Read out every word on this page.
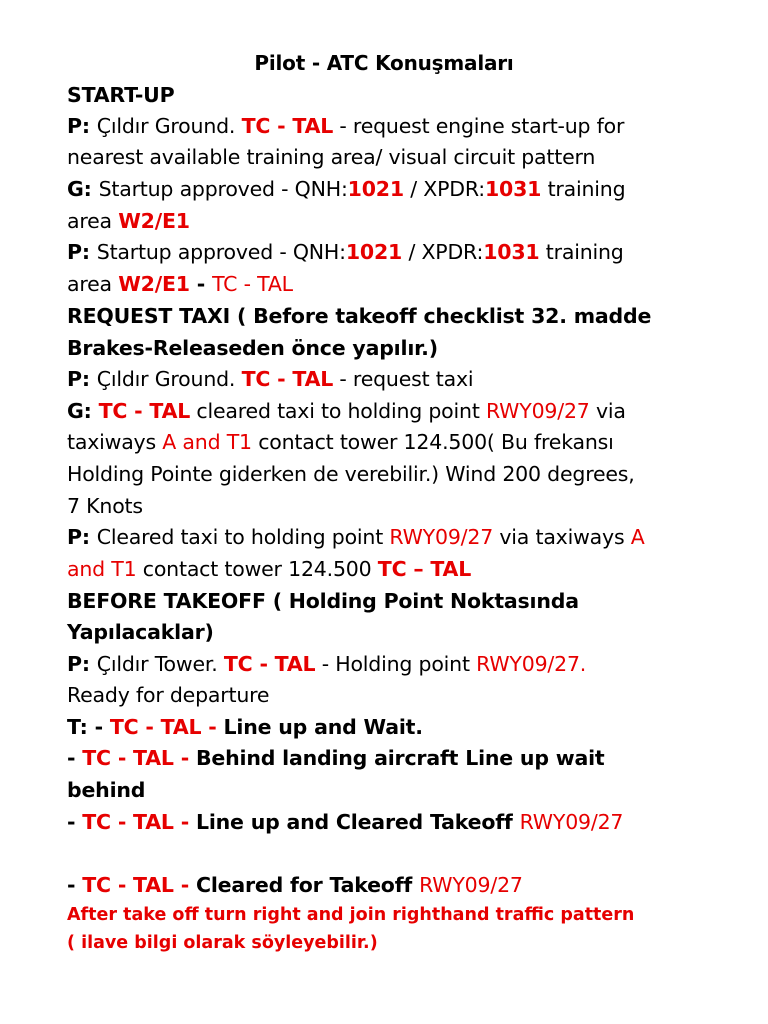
Pilot - ATC Konuşmaları
START-UP
REQUEST TAXI ( Before takeoff checklist 32. madde
Brakes-Releaseden önce yapılır.)
BEFORE TAKEOFF ( Holding Point Noktasında
Yapılacaklar)
P: Çıldır Ground. TC - TAL - request engine start-up for
nearest available training area/ visual circuit pattern
G: Startup approved - QNH:1021 / XPDR:1031 training
area W2/E1
P: Startup approved - QNH:1021 / XPDR:1031 training
area W2/E1 - TC - TAL
P: Çıldır Ground. TC - TAL - request taxi
G: TC - TAL cleared taxi to holding point RWY09/27 via
taxiways A and T1 contact tower 124.500( Bu frekansı
Holding Pointe giderken de verebilir.) Wind 200 degrees,
7 Knots
P: Cleared taxi to holding point RWY09/27 via taxiways A
and T1 contact tower 124.500 TC – TAL
P: Çıldır Tower. TC - TAL - Holding point RWY09/27.
Ready for departure
T: - TC - TAL - Line up and Wait.
- TC - TAL - Behind landing aircraft Line up wait
behind
- TC - TAL - Line up and Cleared Takeoff RWY09/27
- TC - TAL - Cleared for Takeoff RWY09/27
After take off turn right and join righthand traffic pattern
( ilave bilgi olarak söyleyebilir.)
